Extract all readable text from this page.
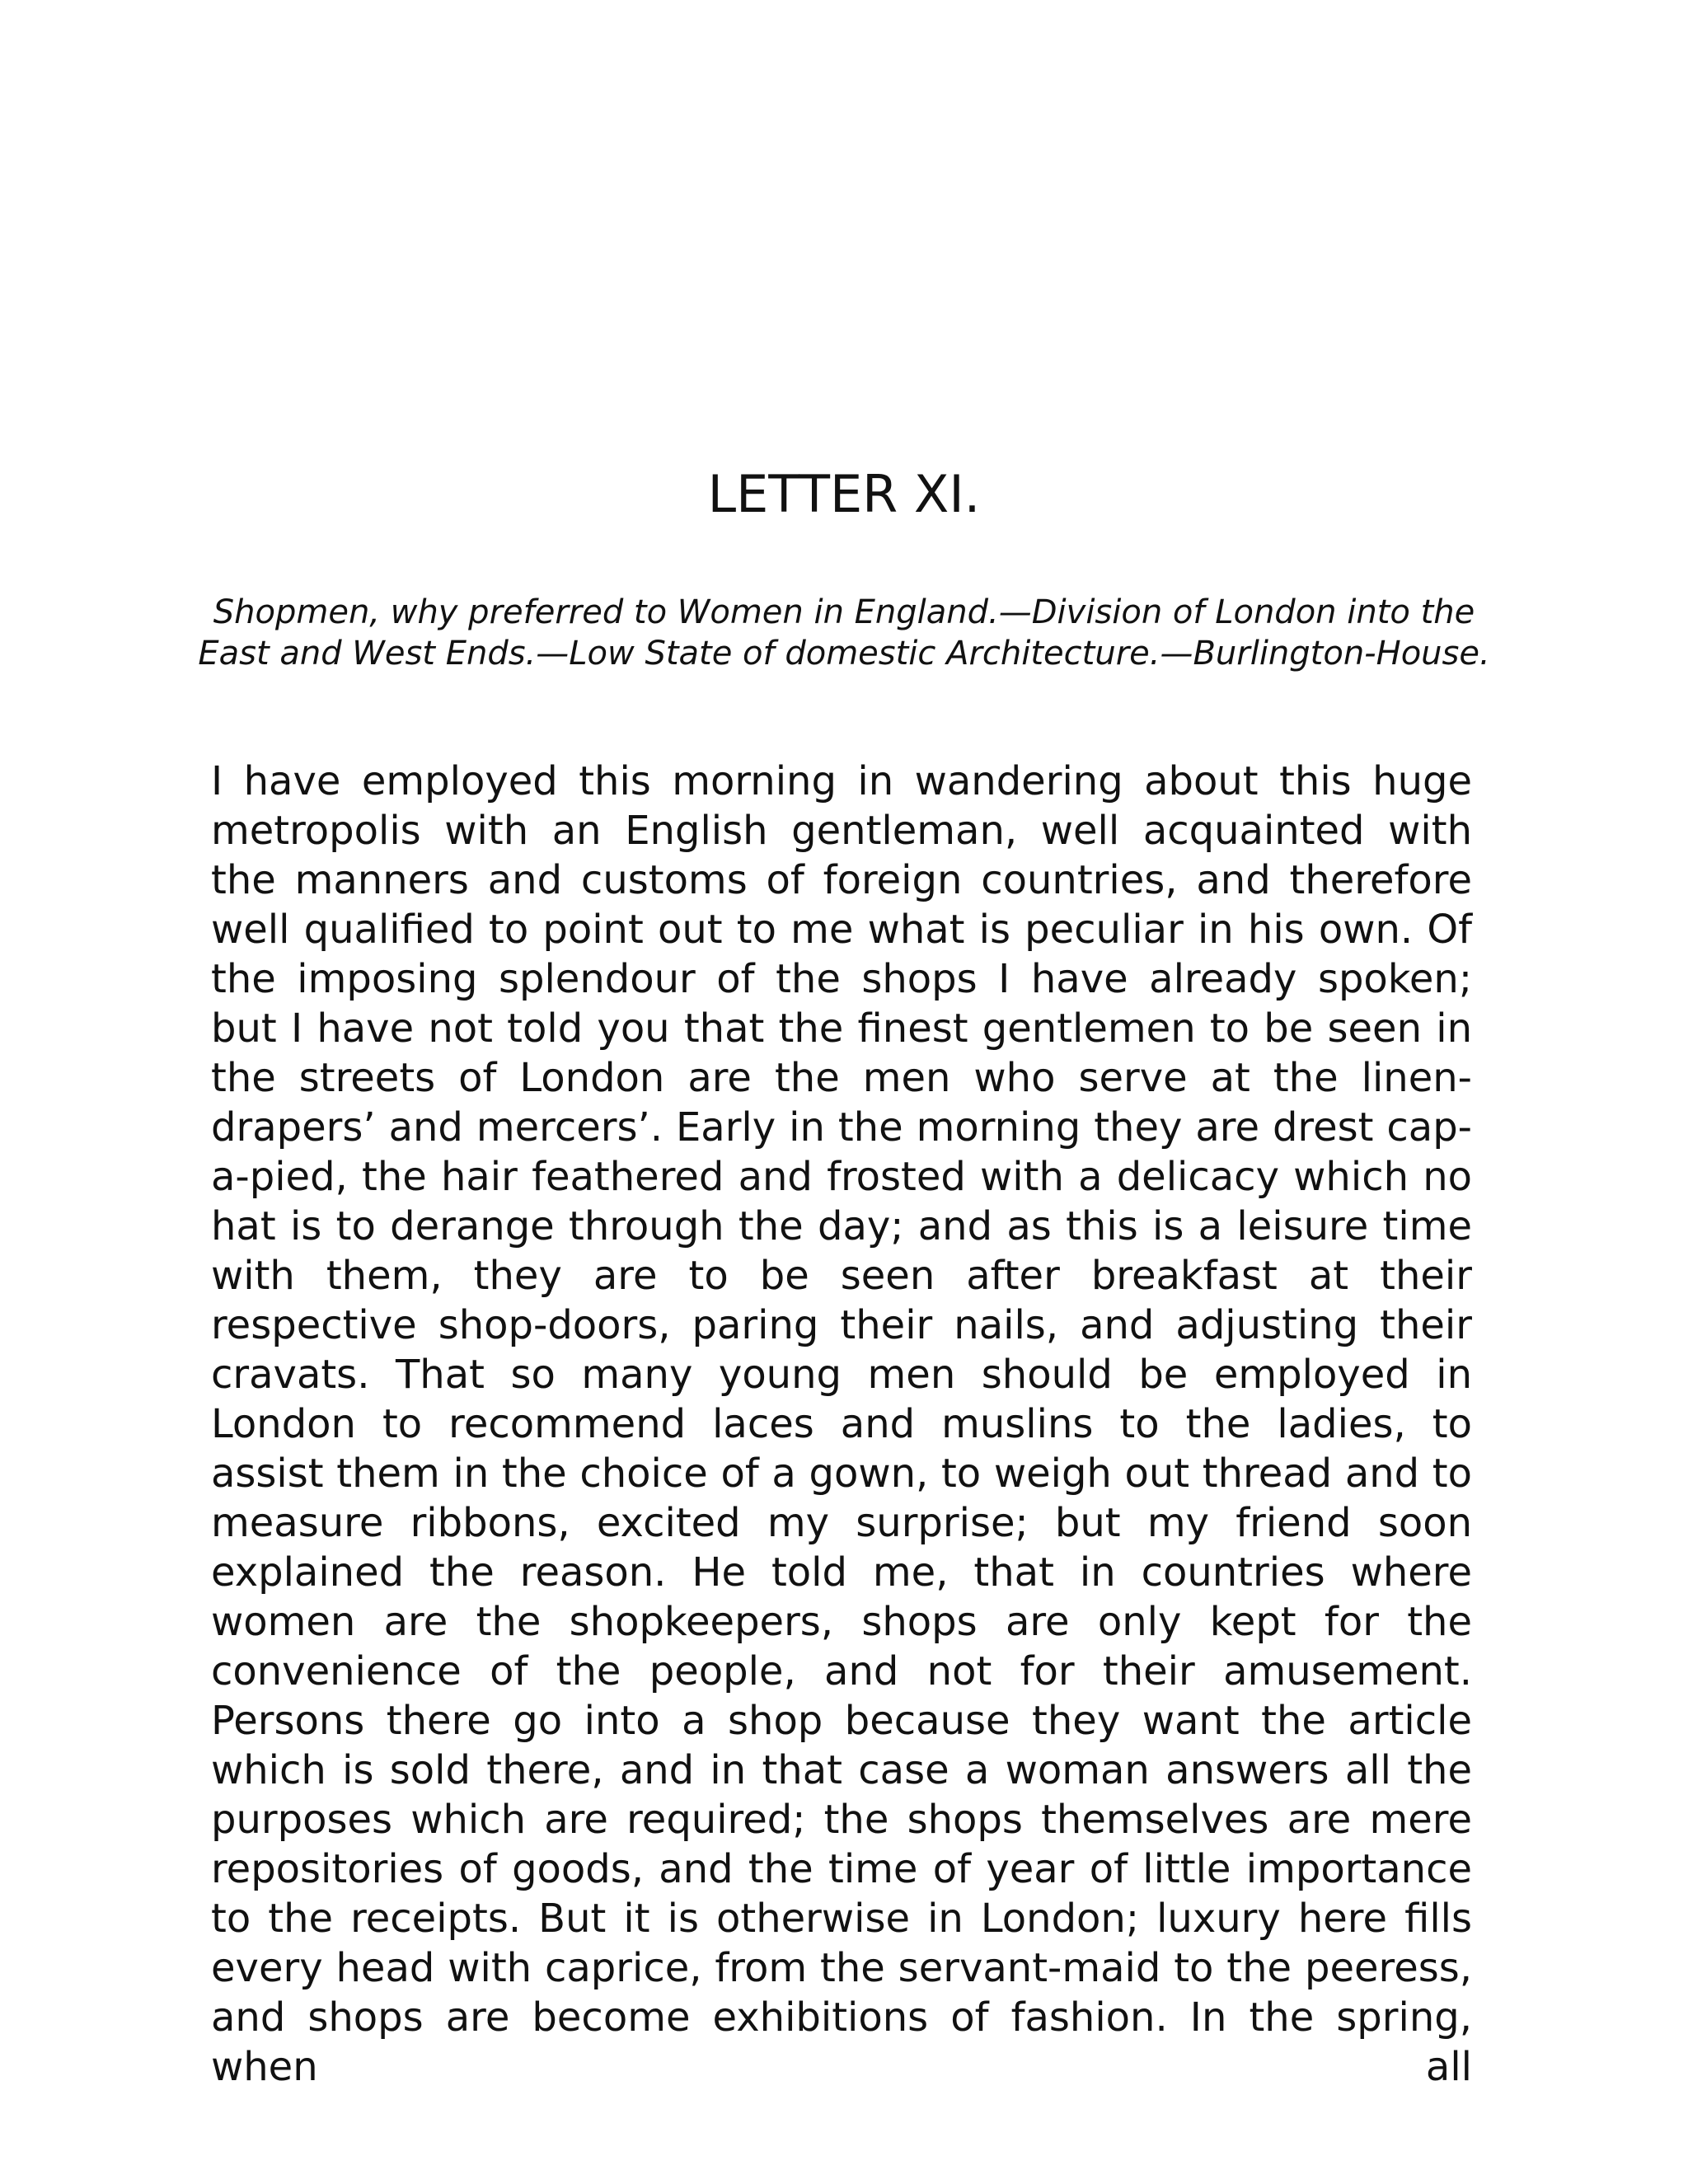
LETTER XI.

Shopmen, why preferred to Women in England.—Division of London into the East and West Ends.—Low State of domestic Architecture.—Burlington-House.

I have employed this morning in wandering about this huge metropolis with an English gentleman, well acquainted with the manners and customs of foreign countries, and therefore well qualified to point out to me what is peculiar in his own. Of the imposing splendour of the shops I have already spoken; but I have not told you that the finest gentlemen to be seen in the streets of London are the men who serve at the linen-drapers’ and mercers’. Early in the morning they are drest cap-a-pied, the hair feathered and frosted with a delicacy which no hat is to derange through the day; and as this is a leisure time with them, they are to be seen after breakfast at their respective shop-doors, paring their nails, and adjusting their cravats. That so many young men should be employed in London to recommend laces and muslins to the ladies, to assist them in the choice of a gown, to weigh out thread and to measure ribbons, excited my surprise; but my friend soon explained the reason. He told me, that in countries where women are the shopkeepers, shops are only kept for the convenience of the people, and not for their amusement. Persons there go into a shop because they want the article which is sold there, and in that case a woman answers all the purposes which are required; the shops themselves are mere repositories of goods, and the time of year of little importance to the receipts. But it is otherwise in London; luxury here fills every head with caprice, from the servant-maid to the peeress, and shops are become exhibitions of fashion. In the spring, when all
